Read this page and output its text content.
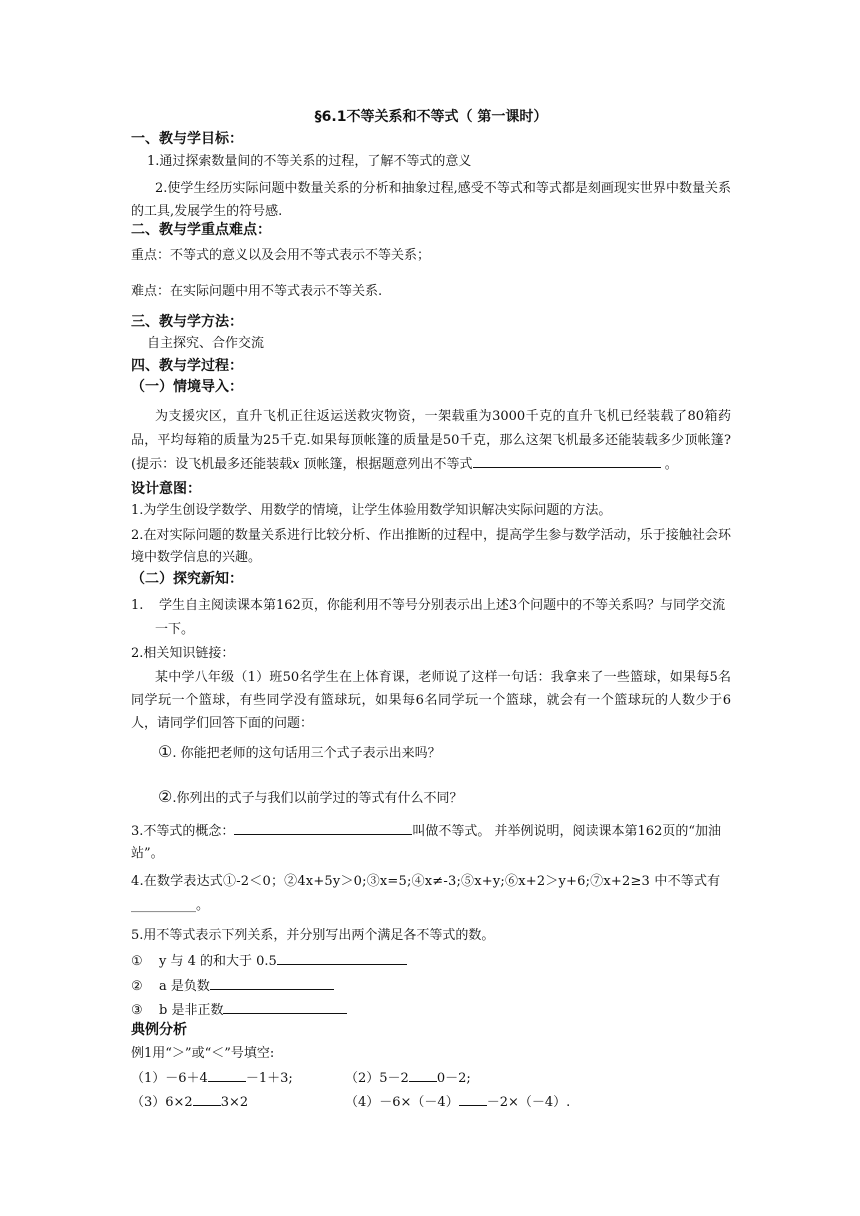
§6.1不等关系和不等式（ 第一课时）
一、教与学目标：
1.通过探索数量间的不等关系的过程，了解不等式的意义
2.使学生经历实际问题中数量关系的分析和抽象过程,感受不等式和等式都是刻画现实世界中数量关系的工具,发展学生的符号感.
二、教与学重点难点：
重点：不等式的意义以及会用不等式表示不等关系；
难点：在实际问题中用不等式表示不等关系.
三、教与学方法：
自主探究、合作交流
四、教与学过程：
（一）情境导入：
为支援灾区，直升飞机正往返运送救灾物资，一架载重为3000千克的直升飞机已经装载了80箱药品，平均每箱的质量为25千克.如果每顶帐篷的质量是50千克，那么这架飞机最多还能装载多少顶帐篷?(提示：设飞机最多还能装载x 顶帐篷，根据题意列出不等式	。
设计意图：
1.为学生创设学数学、用数学的情境，让学生体验用数学知识解决实际问题的方法。
2.在对实际问题的数量关系进行比较分析、作出推断的过程中，提高学生参与数学活动，乐于接触社会环境中数学信息的兴趣。
（二）探究新知：
1. 学生自主阅读课本第162页，你能利用不等号分别表示出上述3个问题中的不等关系吗？与同学交流
一下。
2.相关知识链接：
某中学八年级（1）班50名学生在上体育课，老师说了这样一句话：我拿来了一些篮球，如果每5名同学玩一个篮球，有些同学没有篮球玩，如果每6名同学玩一个篮球，就会有一个篮球玩的人数少于6人，请同学们回答下面的问题：
①. 你能把老师的这句话用三个式子表示出来吗？
②.你列出的式子与我们以前学过的等式有什么不同？
3.不等式的概念：	叫做不等式。 并举例说明，阅读课本第162页的“加油站”。
4.在数学表达式①-2＜0；②4x+5y＞0;③x=5;④x≠-3;⑤x+y;⑥x+2＞y+6;⑦x+2≥3 中不等式有
__________。
5.用不等式表示下列关系，并分别写出两个满足各不等式的数。
① y 与 4 的和大于 0.5
② a 是负数
③ b 是非正数
典例分析
例1用“＞”或“＜”号填空:
（1）－6＋4	－1＋3;	（2）5－2 0－2;
（3）6×2 3×2	（4）－6×（－4） －2×（－4）.
